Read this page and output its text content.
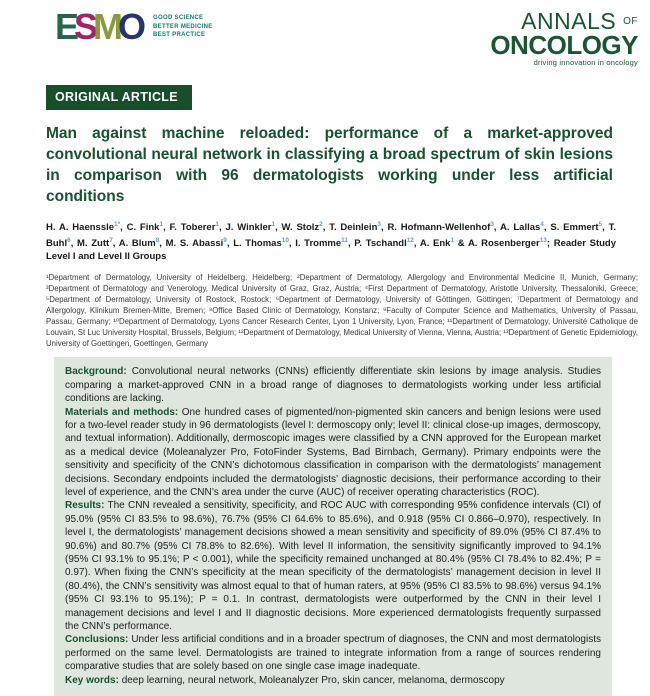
ESMO GOOD SCIENCE
BETTER MEDICINE
BEST PRACTICE
ANNALS $^{OF}$
ONCOLOGY
driving innovation in oncology
ORIGINAL ARTICLE
Man against machine reloaded: performance of a market-approved convolutional neural network in classifying a broad spectrum of skin lesions in comparison with 96 dermatologists working under less artificial conditions

H. A. Haenssle$^{1*}$, C. Fink$^1$, F. Toberer$^1$, J. Winkler$^1$, W. Stolz$^2$, T. Deinlein$^3$, R. Hofmann-Wellenhof$^3$, A. Lallas$^4$, S. Emmert$^5$, T. Buhl$^6$, M. Zutt$^7$, A. Blum$^8$, M. S. Abassi$^9$, L. Thomas$^{10}$, I. Tromme$^{11}$, P. Tschandl$^{12}$, A. Enk$^1$ & A. Rosenberger$^{13}$; Reader Study Level I and Level II Groups

¹Department of Dermatology, University of Heidelberg, Heidelberg; ²Department of Dermatology, Allergology and Environmental Medicine II, Munich, Germany; ³Department of Dermatology and Venerology, Medical University of Graz, Graz, Austria; ⁴First Department of Dermatology, Aristotle University, Thessaloniki, Greece; ⁵Department of Dermatology, University of Rostock, Rostock; ⁶Department of Dermatology, University of Göttingen, Göttingen; ⁷Department of Dermatology and Allergology, Klinikum Bremen-Mitte, Bremen; ⁸Office Based Clinic of Dermatology, Konstanz; ⁹Faculty of Computer Science and Mathematics, University of Passau, Passau, Germany; ¹⁰Department of Dermatology, Lyons Cancer Research Center, Lyon 1 University, Lyon, France; ¹¹Department of Dermatology, Université Catholique de Louvain, St Luc University Hospital, Brussels, Belgium; ¹²Department of Dermatology, Medical University of Vienna, Vienna, Austria; ¹³Department of Genetic Epidemiology, University of Goettingen, Goettingen, Germany

Background: Convolutional neural networks (CNNs) efficiently differentiate skin lesions by image analysis. Studies comparing a market-approved CNN in a broad range of diagnoses to dermatologists working under less artificial conditions are lacking.

Materials and methods: One hundred cases of pigmented/non-pigmented skin cancers and benign lesions were used for a two-level reader study in 96 dermatologists (level I: dermoscopy only; level II: clinical close-up images, dermoscopy, and textual information). Additionally, dermoscopic images were classified by a CNN approved for the European market as a medical device (Moleanalyzer Pro, FotoFinder Systems, Bad Birnbach, Germany). Primary endpoints were the sensitivity and specificity of the CNN’s dichotomous classification in comparison with the dermatologists’ management decisions. Secondary endpoints included the dermatologists’ diagnostic decisions, their performance according to their level of experience, and the CNN’s area under the curve (AUC) of receiver operating characteristics (ROC).

Results: The CNN revealed a sensitivity, specificity, and ROC AUC with corresponding 95% confidence intervals (CI) of 95.0% (95% CI 83.5% to 98.6%), 76.7% (95% CI 64.6% to 85.6%), and 0.918 (95% CI 0.866–0.970), respectively. In level I, the dermatologists’ management decisions showed a mean sensitivity and specificity of 89.0% (95% CI 87.4% to 90.6%) and 80.7% (95% CI 78.8% to 82.6%). With level II information, the sensitivity significantly improved to 94.1% (95% CI 93.1% to 95.1%; P < 0.001), while the specificity remained unchanged at 80.4% (95% CI 78.4% to 82.4%; P = 0.97). When fixing the CNN’s specificity at the mean specificity of the dermatologists’ management decision in level II (80.4%), the CNN’s sensitivity was almost equal to that of human raters, at 95% (95% CI 83.5% to 98.6%) versus 94.1% (95% CI 93.1% to 95.1%); P = 0.1. In contrast, dermatologists were outperformed by the CNN in their level I management decisions and level I and II diagnostic decisions. More experienced dermatologists frequently surpassed the CNN’s performance.

Conclusions: Under less artificial conditions and in a broader spectrum of diagnoses, the CNN and most dermatologists performed on the same level. Dermatologists are trained to integrate information from a range of sources rendering comparative studies that are solely based on one single case image inadequate.

Key words: deep learning, neural network, Moleanalyzer Pro, skin cancer, melanoma, dermoscopy
